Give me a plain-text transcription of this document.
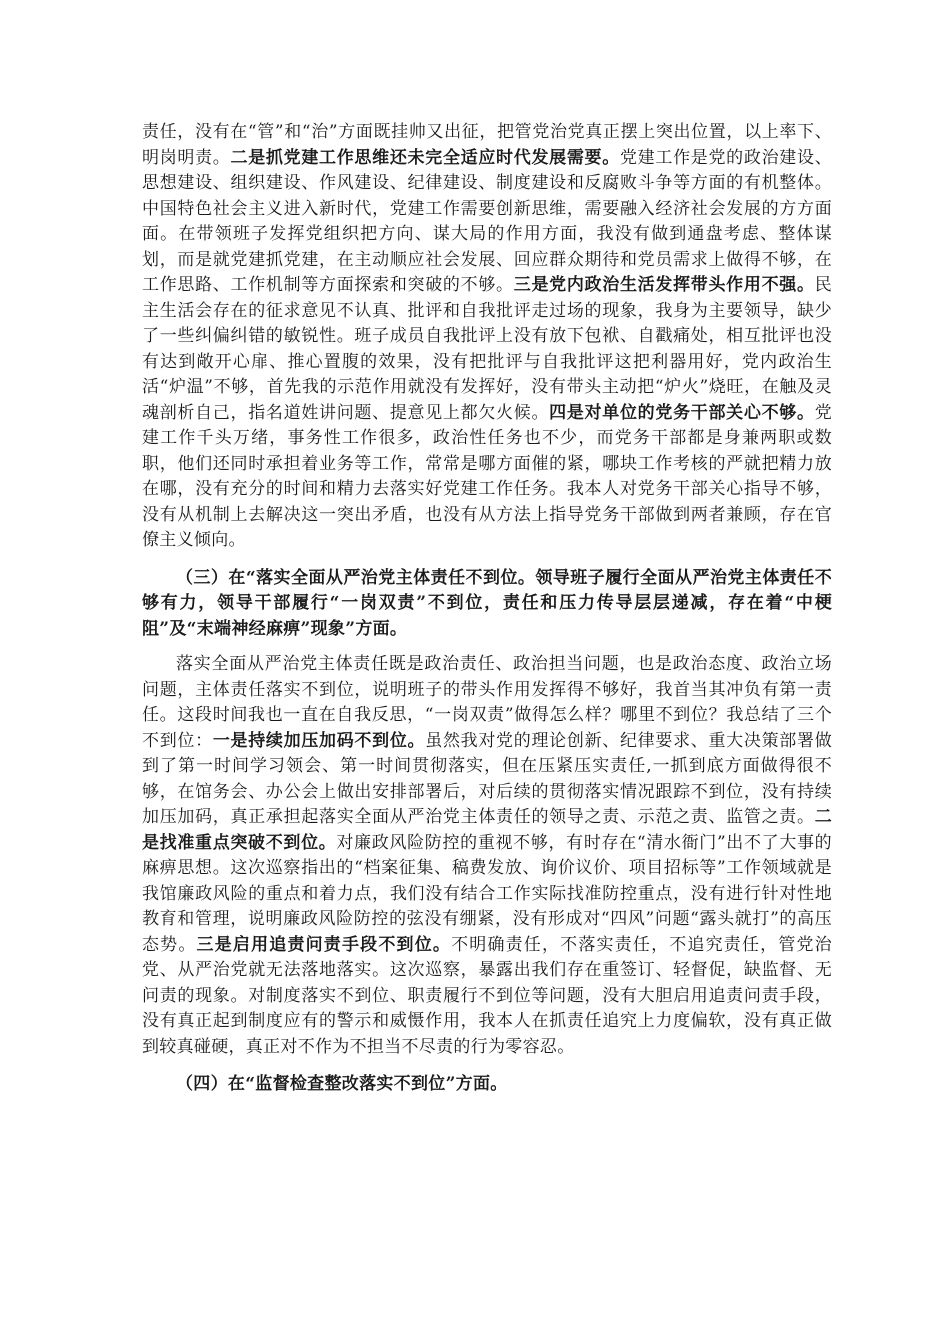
责任，没有在“管”和“治”方面既挂帅又出征，把管党治党真正摆上突出位置，以上率下、明岗明责。二是抓党建工作思维还未完全适应时代发展需要。党建工作是党的政治建设、思想建设、组织建设、作风建设、纪律建设、制度建设和反腐败斗争等方面的有机整体。中国特色社会主义进入新时代，党建工作需要创新思维，需要融入经济社会发展的方方面面。在带领班子发挥党组织把方向、谋大局的作用方面，我没有做到通盘考虑、整体谋划，而是就党建抓党建，在主动顺应社会发展、回应群众期待和党员需求上做得不够，在工作思路、工作机制等方面探索和突破的不够。三是党内政治生活发挥带头作用不强。民主生活会存在的征求意见不认真、批评和自我批评走过场的现象，我身为主要领导，缺少了一些纠偏纠错的敏锐性。班子成员自我批评上没有放下包袱、自戳痛处，相互批评也没有达到敞开心扉、推心置腹的效果，没有把批评与自我批评这把利器用好，党内政治生活“炉温”不够，首先我的示范作用就没有发挥好，没有带头主动把“炉火”烧旺，在触及灵魂剖析自己，指名道姓讲问题、提意见上都欠火候。四是对单位的党务干部关心不够。党建工作千头万绪，事务性工作很多，政治性任务也不少，而党务干部都是身兼两职或数职，他们还同时承担着业务等工作，常常是哪方面催的紧，哪块工作考核的严就把精力放在哪，没有充分的时间和精力去落实好党建工作任务。我本人对党务干部关心指导不够，没有从机制上去解决这一突出矛盾，也没有从方法上指导党务干部做到两者兼顾，存在官僚主义倾向。

（三）在“落实全面从严治党主体责任不到位。领导班子履行全面从严治党主体责任不够有力，领导干部履行“一岗双责”不到位，责任和压力传导层层递减，存在着“中梗阻”及“末端神经麻痹”现象”方面。

落实全面从严治党主体责任既是政治责任、政治担当问题，也是政治态度、政治立场问题，主体责任落实不到位，说明班子的带头作用发挥得不够好，我首当其冲负有第一责任。这段时间我也一直在自我反思，“一岗双责”做得怎么样？哪里不到位？我总结了三个不到位：一是持续加压加码不到位。虽然我对党的理论创新、纪律要求、重大决策部署做到了第一时间学习领会、第一时间贯彻落实，但在压紧压实责任,一抓到底方面做得很不够，在馆务会、办公会上做出安排部署后，对后续的贯彻落实情况跟踪不到位，没有持续加压加码，真正承担起落实全面从严治党主体责任的领导之责、示范之责、监管之责。二是找准重点突破不到位。对廉政风险防控的重视不够，有时存在“清水衙门”出不了大事的麻痹思想。这次巡察指出的“档案征集、稿费发放、询价议价、项目招标等”工作领域就是我馆廉政风险的重点和着力点，我们没有结合工作实际找准防控重点，没有进行针对性地教育和管理，说明廉政风险防控的弦没有绷紧，没有形成对“四风”问题“露头就打”的高压态势。三是启用追责问责手段不到位。不明确责任，不落实责任，不追究责任，管党治党、从严治党就无法落地落实。这次巡察，暴露出我们存在重签订、轻督促，缺监督、无问责的现象。对制度落实不到位、职责履行不到位等问题，没有大胆启用追责问责手段，没有真正起到制度应有的警示和威慑作用，我本人在抓责任追究上力度偏软，没有真正做到较真碰硬，真正对不作为不担当不尽责的行为零容忍。

（四）在“监督检查整改落实不到位”方面。
